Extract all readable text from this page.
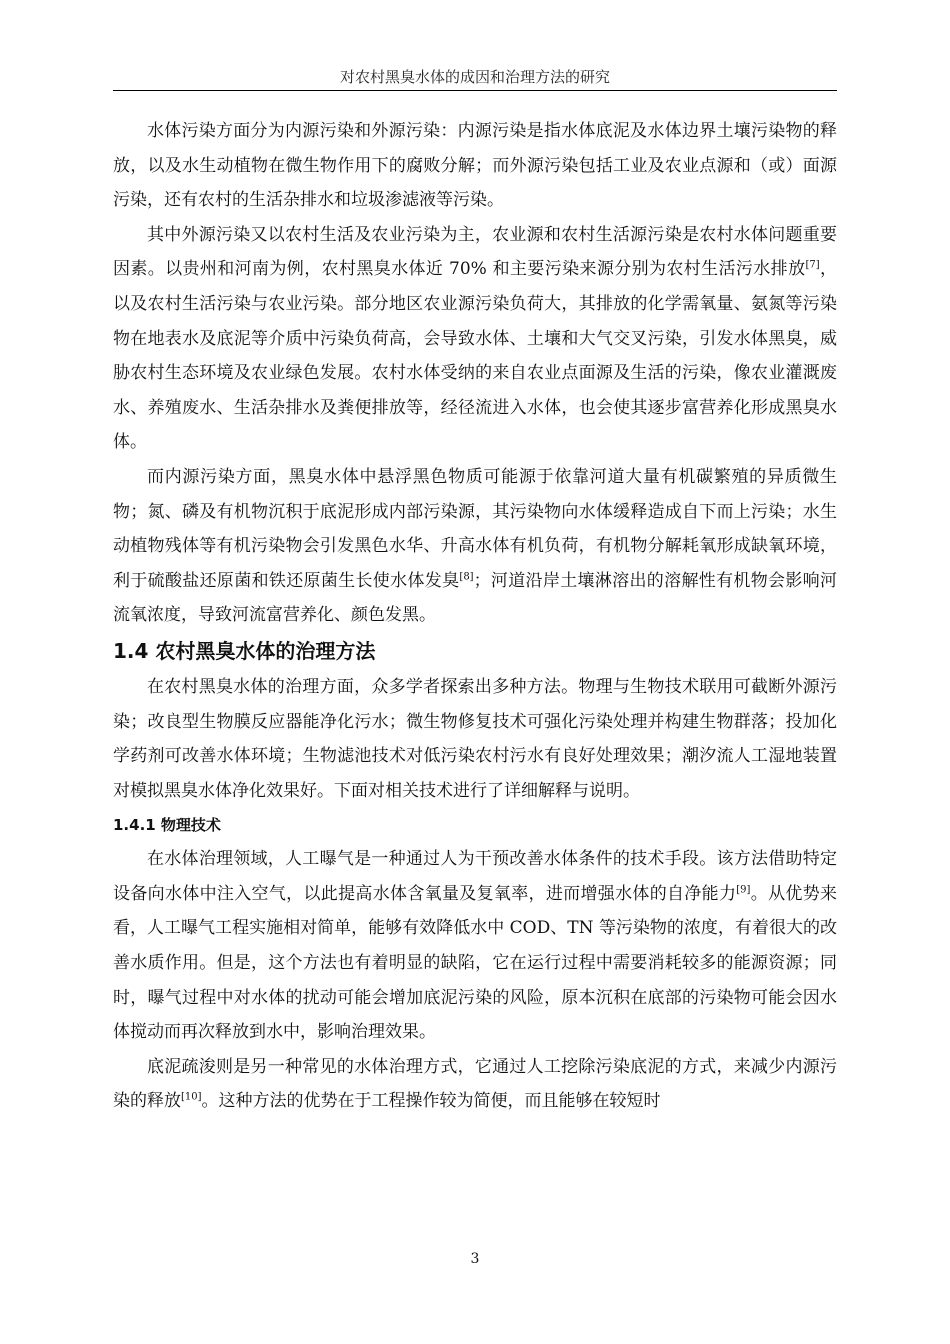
对农村黑臭水体的成因和治理方法的研究

水体污染方面分为内源污染和外源污染：内源污染是指水体底泥及水体边界土壤污染物的释放，以及水生动植物在微生物作用下的腐败分解；而外源污染包括工业及农业点源和（或）面源污染，还有农村的生活杂排水和垃圾渗滤液等污染。

其中外源污染又以农村生活及农业污染为主，农业源和农村生活源污染是农村水体问题重要因素。以贵州和河南为例，农村黑臭水体近 70% 和主要污染来源分别为农村生活污水排放[7]，以及农村生活污染与农业污染。部分地区农业源污染负荷大，其排放的化学需氧量、氨氮等污染物在地表水及底泥等介质中污染负荷高，会导致水体、土壤和大气交叉污染，引发水体黑臭，威胁农村生态环境及农业绿色发展。农村水体受纳的来自农业点面源及生活的污染，像农业灌溉废水、养殖废水、生活杂排水及粪便排放等，经径流进入水体，也会使其逐步富营养化形成黑臭水体。

而内源污染方面，黑臭水体中悬浮黑色物质可能源于依靠河道大量有机碳繁殖的异质微生物；氮、磷及有机物沉积于底泥形成内部污染源，其污染物向水体缓释造成自下而上污染；水生动植物残体等有机污染物会引发黑色水华、升高水体有机负荷，有机物分解耗氧形成缺氧环境，利于硫酸盐还原菌和铁还原菌生长使水体发臭[8]；河道沿岸土壤淋溶出的溶解性有机物会影响河流氧浓度，导致河流富营养化、颜色发黑。

1.4 农村黑臭水体的治理方法

在农村黑臭水体的治理方面，众多学者探索出多种方法。物理与生物技术联用可截断外源污染；改良型生物膜反应器能净化污水；微生物修复技术可强化污染处理并构建生物群落；投加化学药剂可改善水体环境；生物滤池技术对低污染农村污水有良好处理效果；潮汐流人工湿地装置对模拟黑臭水体净化效果好。下面对相关技术进行了详细解释与说明。

1.4.1 物理技术

在水体治理领域，人工曝气是一种通过人为干预改善水体条件的技术手段。该方法借助特定设备向水体中注入空气，以此提高水体含氧量及复氧率，进而增强水体的自净能力[9]。从优势来看，人工曝气工程实施相对简单，能够有效降低水中 COD、TN 等污染物的浓度，有着很大的改善水质作用。但是，这个方法也有着明显的缺陷，它在运行过程中需要消耗较多的能源资源；同时，曝气过程中对水体的扰动可能会增加底泥污染的风险，原本沉积在底部的污染物可能会因水体搅动而再次释放到水中，影响治理效果。

底泥疏浚则是另一种常见的水体治理方式，它通过人工挖除污染底泥的方式，来减少内源污染的释放[10]。这种方法的优势在于工程操作较为简便，而且能够在较短时

3
